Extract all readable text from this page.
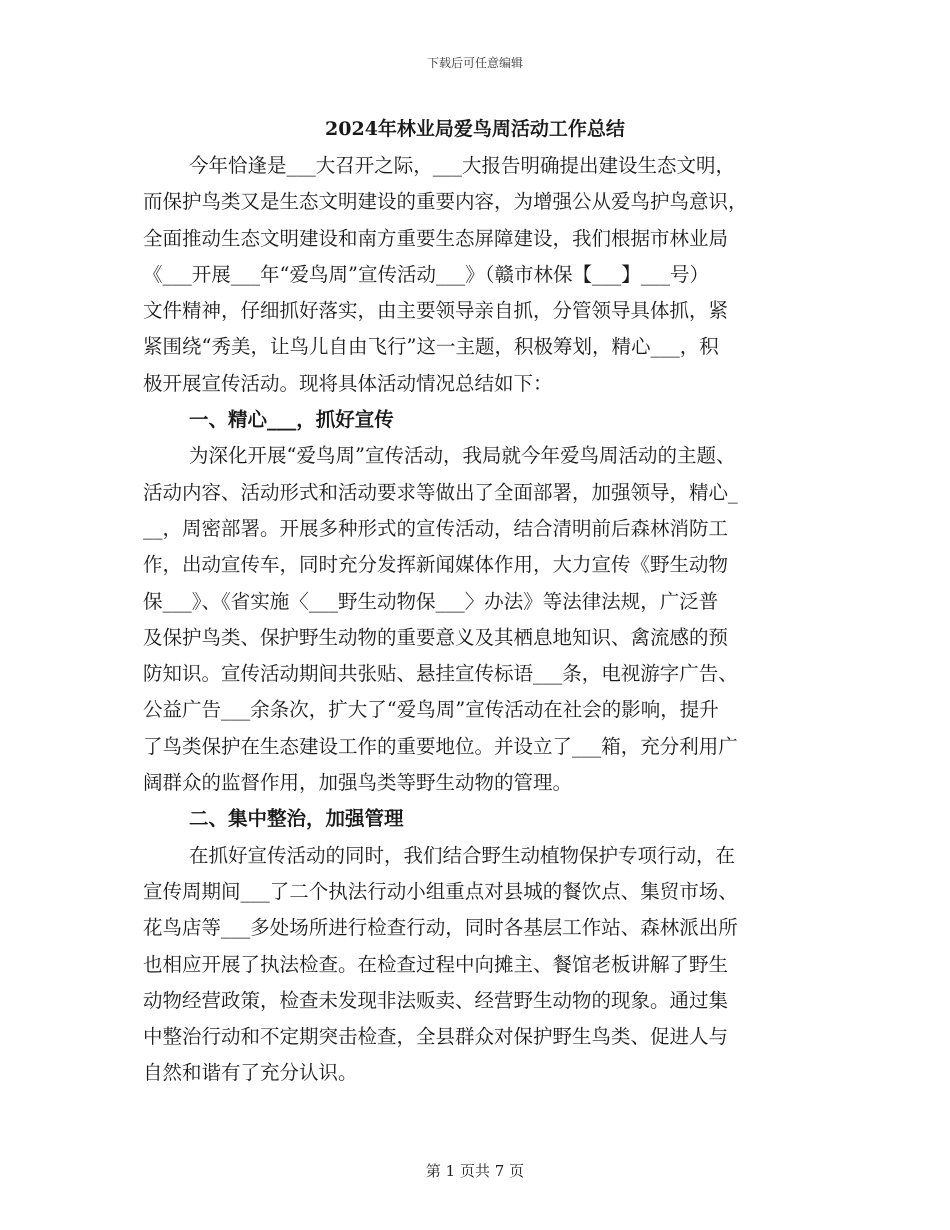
下载后可任意编辑
2024年林业局爱鸟周活动工作总结
今年恰逢是___大召开之际，___大报告明确提出建设生态文明，
而保护鸟类又是生态文明建设的重要内容，为增强公从爱鸟护鸟意识，
全面推动生态文明建设和南方重要生态屏障建设，我们根据市林业局
《___开展___年“爱鸟周”宣传活动___》（赣市林保【___】___号）
文件精神，仔细抓好落实，由主要领导亲自抓，分管领导具体抓，紧
紧围绕“秀美，让鸟儿自由飞行”这一主题，积极筹划，精心___，积
极开展宣传活动。现将具体活动情况总结如下：
一、精心___，抓好宣传
为深化开展“爱鸟周”宣传活动，我局就今年爱鸟周活动的主题、
活动内容、活动形式和活动要求等做出了全面部署，加强领导，精心_
__，周密部署。开展多种形式的宣传活动，结合清明前后森林消防工
作，出动宣传车，同时充分发挥新闻媒体作用，大力宣传《野生动物
保___》、《省实施〈___野生动物保___〉办法》等法律法规，广泛普
及保护鸟类、保护野生动物的重要意义及其栖息地知识、禽流感的预
防知识。宣传活动期间共张贴、悬挂宣传标语___条，电视游字广告、
公益广告___余条次，扩大了“爱鸟周”宣传活动在社会的影响，提升
了鸟类保护在生态建设工作的重要地位。并设立了___箱，充分利用广
阔群众的监督作用，加强鸟类等野生动物的管理。
二、集中整治，加强管理
在抓好宣传活动的同时，我们结合野生动植物保护专项行动，在
宣传周期间___了二个执法行动小组重点对县城的餐饮点、集贸市场、
花鸟店等___多处场所进行检查行动，同时各基层工作站、森林派出所
也相应开展了执法检查。在检查过程中向摊主、餐馆老板讲解了野生
动物经营政策，检查未发现非法贩卖、经营野生动物的现象。通过集
中整治行动和不定期突击检查，全县群众对保护野生鸟类、促进人与
自然和谐有了充分认识。
第 1 页共 7 页
